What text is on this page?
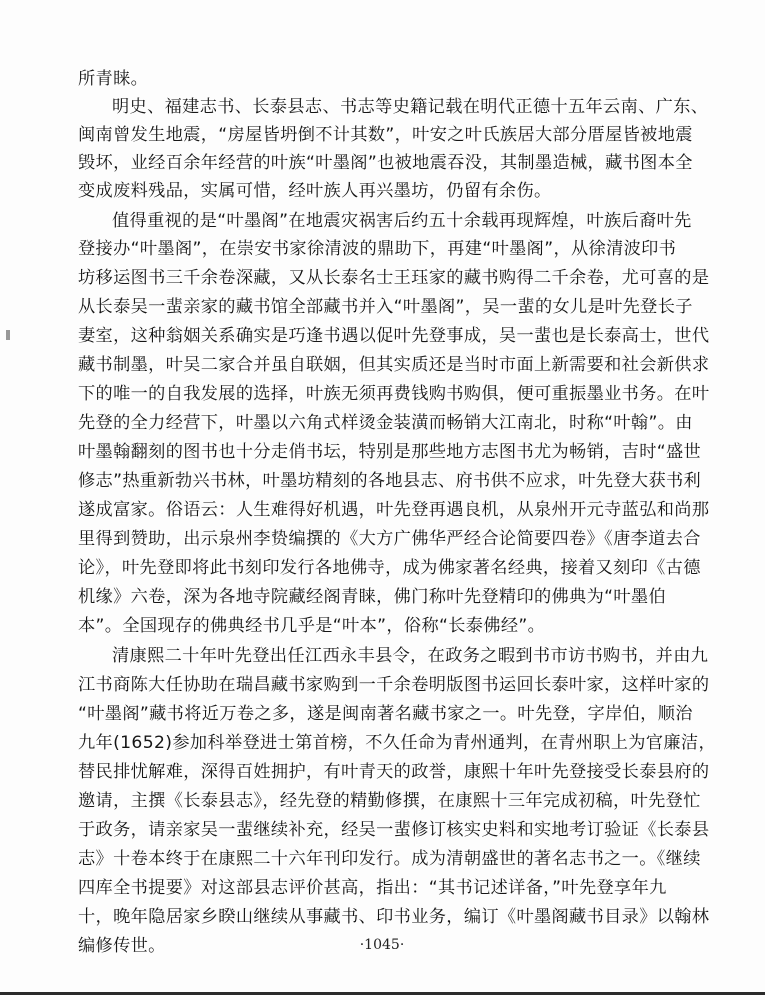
所青睐。
明史、福建志书、长泰县志、书志等史籍记载在明代正德十五年云南、广东、
闽南曾发生地震，“房屋皆坍倒不计其数”，叶安之叶氏族居大部分厝屋皆被地震
毁坏，业经百余年经营的叶族“叶墨阁”也被地震吞没，其制墨造械，藏书图本全
变成废料残品，实属可惜，经叶族人再兴墨坊，仍留有余伤。
值得重视的是“叶墨阁”在地震灾祸害后约五十余载再现辉煌，叶族后裔叶先
登接办“叶墨阁”，在崇安书家徐清波的鼎助下，再建“叶墨阁”，从徐清波印书
坊移运图书三千余卷深藏，又从长泰名士王珏家的藏书购得二千余卷，尤可喜的是
从长泰吴一蜚亲家的藏书馆全部藏书并入“叶墨阁”，吴一蜚的女儿是叶先登长子
妻室，这种翁姻关系确实是巧逢书遇以促叶先登事成，吴一蜚也是长泰高士，世代
藏书制墨，叶吴二家合并虽自联姻，但其实质还是当时市面上新需要和社会新供求
下的唯一的自我发展的选择，叶族无须再费钱购书购俱，便可重振墨业书务。在叶
先登的全力经营下，叶墨以六角式样烫金装潢而畅销大江南北，时称“叶翰”。由
叶墨翰翻刻的图书也十分走俏书坛，特别是那些地方志图书尤为畅销，吉时“盛世
修志”热重新勃兴书林，叶墨坊精刻的各地县志、府书供不应求，叶先登大获书利
遂成富家。俗语云：人生难得好机遇，叶先登再遇良机，从泉州开元寺蓝弘和尚那
里得到赞助，出示泉州李贽编撰的《大方广佛华严经合论简要四卷》《唐李道去合
论》，叶先登即将此书刻印发行各地佛寺，成为佛家著名经典，接着又刻印《古德
机缘》六卷，深为各地寺院藏经阁青睐，佛门称叶先登精印的佛典为“叶墨伯
本”。全国现存的佛典经书几乎是“叶本”，俗称“长泰佛经”。
清康熙二十年叶先登出任江西永丰县令，在政务之暇到书市访书购书，并由九
江书商陈大任协助在瑞昌藏书家购到一千余卷明版图书运回长泰叶家，这样叶家的
“叶墨阁”藏书将近万卷之多，遂是闽南著名藏书家之一。叶先登，字岸伯，顺治
九年(1652)参加科举登进士第首榜，不久任命为青州通判，在青州职上为官廉洁，
替民排忧解难，深得百姓拥护，有叶青天的政誉，康熙十年叶先登接受长泰县府的
邀请，主撰《长泰县志》，经先登的精勤修撰，在康熙十三年完成初稿，叶先登忙
于政务，请亲家吴一蜚继续补充，经吴一蜚修订核实史料和实地考订验证《长泰县
志》十卷本终于在康熙二十六年刊印发行。成为清朝盛世的著名志书之一。《继续
四库全书提要》对这部县志评价甚高，指出：“其书记述详备，”叶先登享年九
十，晚年隐居家乡睽山继续从事藏书、印书业务，编订《叶墨阁藏书目录》以翰林
编修传世。	·1045·
